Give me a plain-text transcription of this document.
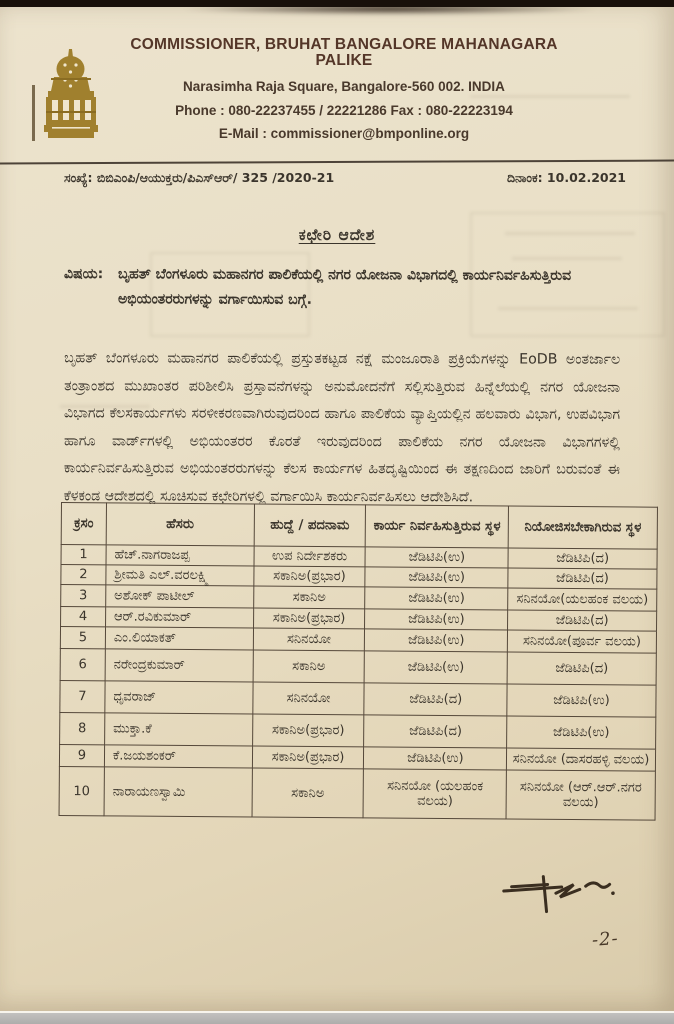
COMMISSIONER, BRUHAT BANGALORE MAHANAGARA PALIKE
Narasimha Raja Square, Bangalore-560 002. INDIA
Phone : 080-22237455 / 22221286 Fax : 080-22223194
E-Mail : commissioner@bmponline.org
ಸಂಖ್ಯೆ: ಬಿಬಿಎಂಪಿ/ಆಯುಕ್ತರು/ಪಿಎಸ್ಆರ್/ 325 /2020-21	ದಿನಾಂಕ: 10.02.2021
ಕಛೇರಿ ಆದೇಶ
ವಿಷಯ:	ಬೃಹತ್ ಬೆಂಗಳೂರು ಮಹಾನಗರ ಪಾಲಿಕೆಯಲ್ಲಿ ನಗರ ಯೋಜನಾ ವಿಭಾಗದಲ್ಲಿ ಕಾರ್ಯನಿರ್ವಹಿಸುತ್ತಿರುವ ಅಭಿಯಂತರರುಗಳನ್ನು ವರ್ಗಾಯಿಸುವ ಬಗ್ಗೆ.
ಬೃಹತ್ ಬೆಂಗಳೂರು ಮಹಾನಗರ ಪಾಲಿಕೆಯಲ್ಲಿ ಪ್ರಸ್ತುತಕಟ್ಟಡ ನಕ್ಷೆ ಮಂಜೂರಾತಿ ಪ್ರಕ್ರಿಯೆಗಳನ್ನು EoDB ಅಂತರ್ಜಾಲ ತಂತ್ರಾಂಶದ ಮುಖಾಂತರ ಪರಿಶೀಲಿಸಿ ಪ್ರಸ್ತಾವನೆಗಳನ್ನು ಅನುಮೋದನೆಗೆ ಸಲ್ಲಿಸುತ್ತಿರುವ ಹಿನ್ನೆಲೆಯಲ್ಲಿ ನಗರ ಯೋಜನಾ ವಿಭಾಗದ ಕೆಲಸಕಾರ್ಯಗಳು ಸರಳೀಕರಣವಾಗಿರುವುದರಿಂದ ಹಾಗೂ ಪಾಲಿಕೆಯ ವ್ಯಾಪ್ತಿಯಲ್ಲಿನ ಹಲವಾರು ವಿಭಾಗ, ಉಪವಿಭಾಗ ಹಾಗೂ ವಾರ್ಡ್‌ಗಳಲ್ಲಿ ಅಭಿಯಂತರರ ಕೊರತೆ ಇರುವುದರಿಂದ ಪಾಲಿಕೆಯ ನಗರ ಯೋಜನಾ ವಿಭಾಗಗಳಲ್ಲಿ ಕಾರ್ಯನಿರ್ವಹಿಸುತ್ತಿರುವ ಅಭಿಯಂತರರುಗಳನ್ನು ಕೆಲಸ ಕಾರ್ಯಗಳ ಹಿತದೃಷ್ಟಿಯಿಂದ ಈ ತಕ್ಷಣದಿಂದ ಜಾರಿಗೆ ಬರುವಂತೆ ಈ ಕೆಳಕಂಡ ಆದೇಶದಲ್ಲಿ ಸೂಚಿಸುವ ಕಛೇರಿಗಳಲ್ಲಿ ವರ್ಗಾಯಿಸಿ ಕಾರ್ಯನಿರ್ವಹಿಸಲು ಆದೇಶಿಸಿದೆ.
ಕ್ರಸಂ	ಹೆಸರು	ಹುದ್ದೆ / ಪದನಾಮ	ಕಾರ್ಯ ನಿರ್ವಹಿಸುತ್ತಿರುವ ಸ್ಥಳ	ನಿಯೋಜಿಸಬೇಕಾಗಿರುವ ಸ್ಥಳ
1	ಹೆಚ್.ನಾಗರಾಜಪ್ಪ	ಉಪ ನಿರ್ದೇಶಕರು	ಜೆಡಿಟಿಪಿ(ಉ)	ಜೆಡಿಟಿಪಿ(ದ)
2	ಶ್ರೀಮತಿ ಎಲ್.ವರಲಕ್ಷ್ಮಿ	ಸಕಾನಿಅ(ಪ್ರಭಾರ)	ಜೆಡಿಟಿಪಿ(ಉ)	ಜೆಡಿಟಿಪಿ(ದ)
3	ಅಶೋಕ್ ಪಾಟೀಲ್	ಸಕಾನಿಅ	ಜೆಡಿಟಿಪಿ(ಉ)	ಸನಿನಯೋ(ಯಲಹಂಕ ವಲಯ)
4	ಆರ್.ರವಿಕುಮಾರ್	ಸಕಾನಿಅ(ಪ್ರಭಾರ)	ಜೆಡಿಟಿಪಿ(ಉ)	ಜೆಡಿಟಿಪಿ(ದ)
5	ಎಂ.ಲಿಯಾಕತ್	ಸನಿನಯೋ	ಜೆಡಿಟಿಪಿ(ಉ)	ಸನಿನಯೋ(ಪೂರ್ವ ವಲಯ)
6	ನರೇಂದ್ರಕುಮಾರ್	ಸಕಾನಿಅ	ಜೆಡಿಟಿಪಿ(ಉ)	ಜೆಡಿಟಿಪಿ(ದ)
7	ಧೃವರಾಜ್	ಸನಿನಯೋ	ಜೆಡಿಟಿಪಿ(ದ)	ಜೆಡಿಟಿಪಿ(ಉ)
8	ಮುಕ್ತಾ.ಕೆ	ಸಕಾನಿಅ(ಪ್ರಭಾರ)	ಜೆಡಿಟಿಪಿ(ದ)	ಜೆಡಿಟಿಪಿ(ಉ)
9	ಕೆ.ಜಯಶಂಕರ್	ಸಕಾನಿಅ(ಪ್ರಭಾರ)	ಜೆಡಿಟಿಪಿ(ಉ)	ಸನಿನಯೋ (ದಾಸರಹಳ್ಳಿ ವಲಯ)
10	ನಾರಾಯಣಸ್ವಾಮಿ	ಸಕಾನಿಅ	ಸನಿನಯೋ (ಯಲಹಂಕ ವಲಯ)	ಸನಿನಯೋ (ಆರ್.ಆರ್.ನಗರ ವಲಯ)
-2-
